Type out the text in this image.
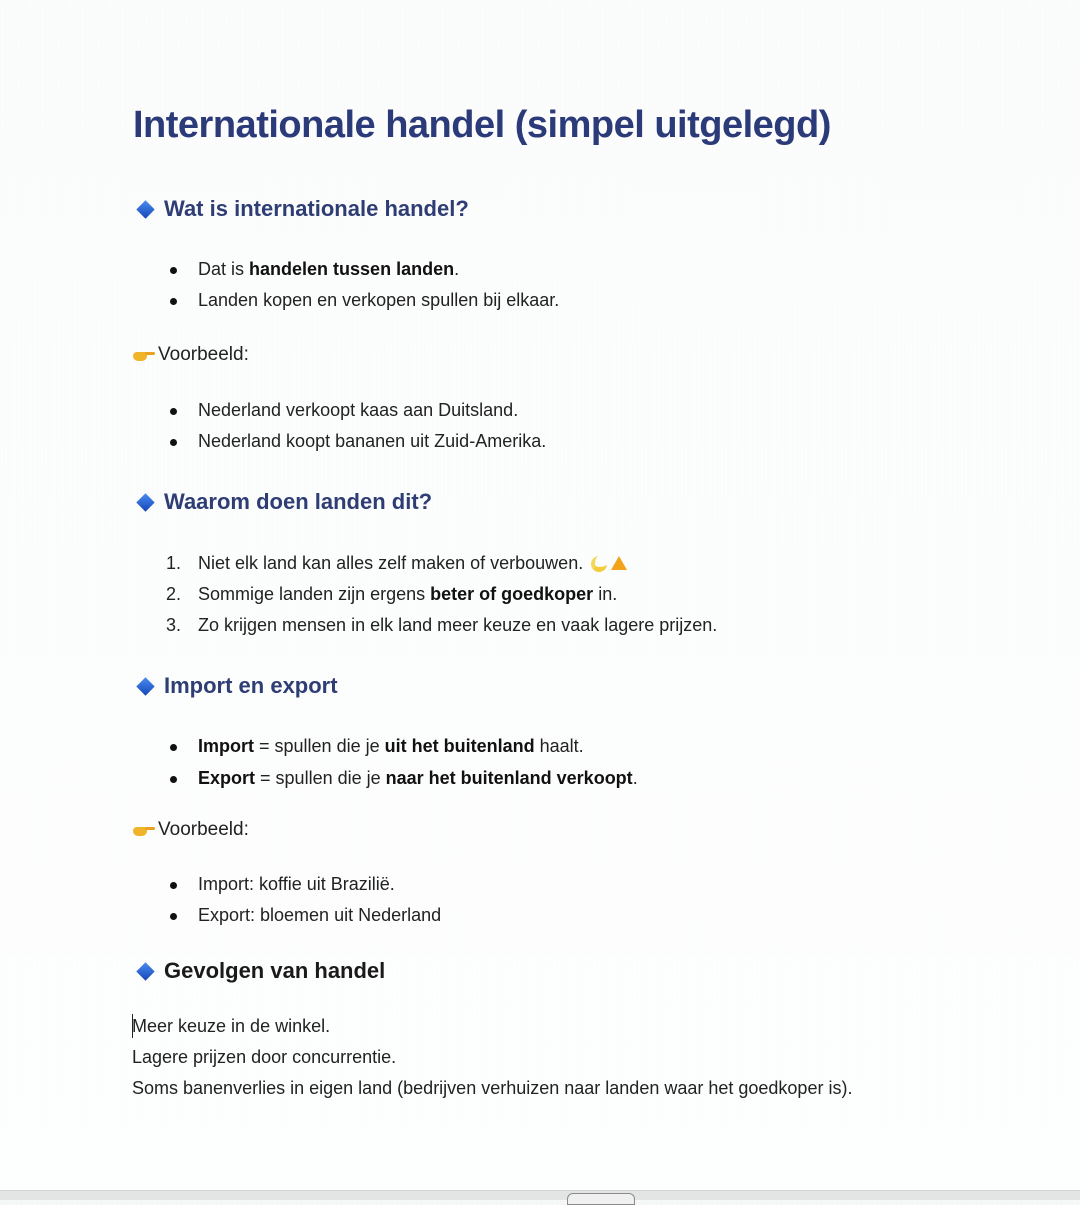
Internationale handel (simpel uitgelegd)
Wat is internationale handel?
Dat is
handelen tussen landen .
Landen kopen en verkopen spullen bij elkaar.
Voorbeeld:
Nederland verkoopt kaas aan Duitsland.
Nederland koopt bananen uit Zuid-Amerika.
Waarom doen landen dit?
1. Niet elk land kan alles zelf maken of verbouwen.
2. Sommige landen zijn ergens
beter of goedkoper
in.
3. Zo krijgen mensen in elk land meer keuze en vaak lagere prijzen.
Import en export
Import
= spullen die je
uit het buitenland
haalt.
Export
= spullen die je
naar het buitenland verkoopt .
Voorbeeld:
Import: koffie uit Brazilië.
Export: bloemen uit Nederland
Gevolgen van handel
Meer keuze in de winkel.
Lagere prijzen door concurrentie.
Soms banenverlies in eigen land (bedrijven verhuizen naar landen waar het goedkoper is).
